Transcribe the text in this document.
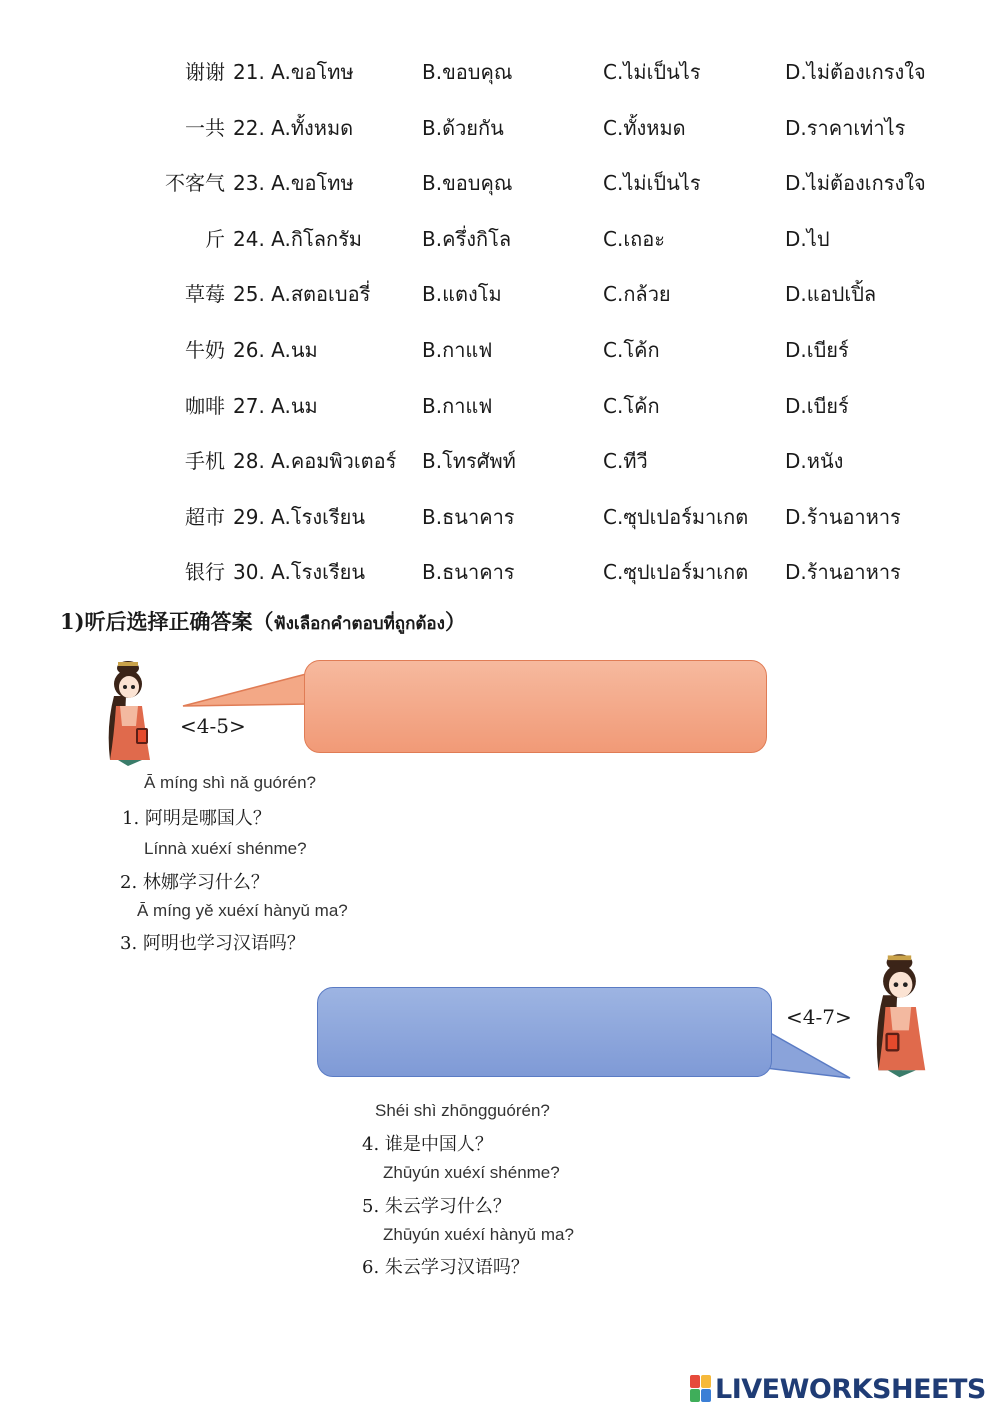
谢谢 21. A.ขอโทษ	B.ขอบคุณ	C.ไม่เป็นไร	D.ไม่ต้องเกรงใจ
一共 22. A.ทั้งหมด	B.ด้วยกัน	C.ทั้งหมด	D.ราคาเท่าไร
不客气 23. A.ขอโทษ	B.ขอบคุณ	C.ไม่เป็นไร	D.ไม่ต้องเกรงใจ
斤 24. A.กิโลกรัม	B.ครึ่งกิโล	C.เถอะ	D.ไป
草莓 25. A.สตอเบอรี่	B.แตงโม	C.กล้วย	D.แอปเปิ้ล
牛奶 26. A.นม	B.กาแฟ	C.โค้ก	D.เบียร์
咖啡 27. A.นม	B.กาแฟ	C.โค้ก	D.เบียร์
手机 28. A.คอมพิวเตอร์ B.โทรศัพท์	C.ทีวี	D.หนัง
超市 29. A.โรงเรียน	B.ธนาคาร	C.ซุปเปอร์มาเกต D.ร้านอาหาร
银行 30. A.โรงเรียน	B.ธนาคาร	C.ซุปเปอร์มาเกต D.ร้านอาหาร
1)听后选择正确答案（ฟังเลือกคำตอบที่ถูกต้อง）
<4-5>
<4-7>
Ā míng shì nǎ guórén?
1. 阿明是哪国人？
Línnà xuéxí shénme?
2. 林娜学习什么？
Ā míng yě xuéxí hànyǔ ma?
3. 阿明也学习汉语吗？
Shéi shì zhōngguórén?
4. 谁是中国人？
Zhūyún xuéxí shénme?
5. 朱云学习什么？
Zhūyún xuéxí hànyǔ ma?
6. 朱云学习汉语吗？
LIVEWORKSHEETS
